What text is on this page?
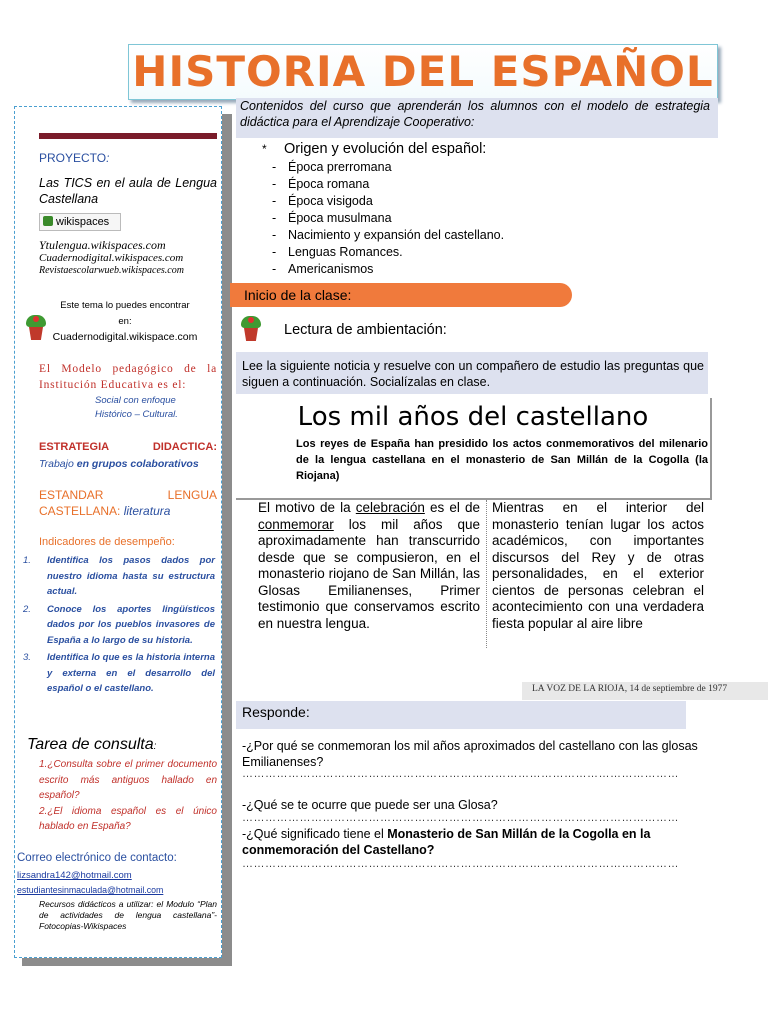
HISTORIA DEL ESPAÑOL
PROYECTO:
Las TICS en el aula de Lengua Castellana
wikispaces
Ytulengua.wikispaces.com
Cuadernodigital.wikispaces.com
Revistaescolarwueb.wikispaces.com
Este tema lo puedes encontrar
en:
Cuadernodigital.wikispace.com
El Modelo pedagógico de la Institución Educativa es el:
Social con enfoque Histórico – Cultural.
ESTRATEGIA DIDACTICA:
Trabajo en grupos colaborativos
ESTANDAR LENGUA CASTELLANA: literatura
Indicadores de desempeño:
1.	Identifica los pasos dados por nuestro idioma hasta su estructura actual.
2.	Conoce los aportes lingüísticos dados por los pueblos invasores de España a lo largo de su historia.
3.	Identifica lo que es la historia interna y externa en el desarrollo del español o el castellano.
Tarea de consulta:
1.¿Consulta sobre el primer documento escrito más antiguos hallado en español?
2.¿El idioma español es el único hablado en España?
Correo electrónico de contacto:
lizsandra142@hotmail.com
estudiantesinmaculada@hotmail.com
Recursos didácticos a utilizar: el Modulo “Plan de actividades de lengua castellana”-Fotocopias-Wikispaces
Contenidos del curso que aprenderán los alumnos con el modelo de estrategia didáctica para el Aprendizaje Cooperativo:
* Origen y evolución del español:
- Época prerromana
- Época romana
- Época visigoda
- Época musulmana
- Nacimiento y expansión del castellano.
- Lenguas Romances.
- Americanismos
Inicio de la clase:
Lectura de ambientación:
Lee la siguiente noticia y resuelve con un compañero de estudio las preguntas que siguen a continuación. Socialízalas en clase.
Los mil años del castellano
Los reyes de España han presidido los actos conmemorativos del milenario de la lengua castellana en el monasterio de San Millán de la Cogolla (la Riojana)
El motivo de la celebración es el de conmemorar los mil años que aproximadamente han transcurrido desde que se compusieron, en el monasterio riojano de San Millán, las Glosas Emilianenses, Primer testimonio que conservamos escrito en nuestra lengua.
Mientras en el interior del monasterio tenían lugar los actos académicos, con importantes discursos del Rey y de otras personalidades, en el exterior cientos de personas celebran el acontecimiento con una verdadera fiesta popular al aire libre
LA VOZ DE LA RIOJA, 14 de septiembre de 1977
Responde:
-¿Por qué se conmemoran los mil años aproximados del castellano con las glosas Emilianenses?
……………………………………………………………………………………………………
-¿Qué se te ocurre que puede ser una Glosa?
……………………………………………………………………………………………………
-¿Qué significado tiene el Monasterio de San Millán de la Cogolla en la conmemoración del Castellano?
……………………………………………………………………………………………………
